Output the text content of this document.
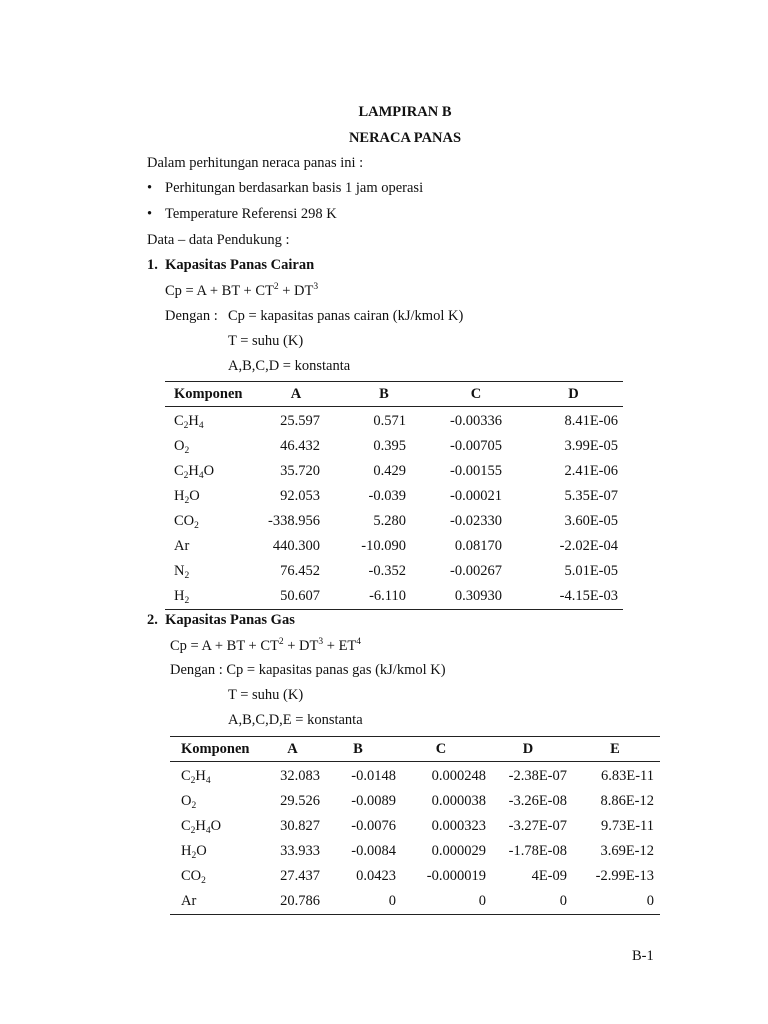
LAMPIRAN B
NERACA PANAS
Dalam perhitungan neraca panas ini :
• Perhitungan berdasarkan basis 1 jam operasi
• Temperature Referensi 298 K
Data – data Pendukung :
1. Kapasitas Panas Cairan
Cp = A + BT + $CT^2 + DT^3$
Dengan : Cp = kapasitas panas cairan (kJ/kmol K)
T = suhu (K)
A,B,C,D = konstanta
Komponen	A	B	C	D
$C_2H_4$	25.597	0.571	-0.00336	8.41E-06
$O_2$	46.432	0.395	-0.00705	3.99E-05
$C_2H_4O$	35.720	0.429	-0.00155	2.41E-06
$H_2O$	92.053	-0.039	-0.00021	5.35E-07
$CO_2$	-338.956	5.280	-0.02330	3.60E-05
Ar	440.300	-10.090	0.08170	-2.02E-04
$N_2$	76.452	-0.352	-0.00267	5.01E-05
$H_2$	50.607	-6.110	0.30930	-4.15E-03
2. Kapasitas Panas Gas
Cp = A + BT + $CT^2 + DT^3 + ET^4$
Dengan : Cp = kapasitas panas gas (kJ/kmol K)
T = suhu (K)
A,B,C,D,E = konstanta
Komponen	A	B	C	D	E
$C_2H_4$	32.083	-0.0148	0.000248	-2.38E-07	6.83E-11
$O_2$	29.526	-0.0089	0.000038	-3.26E-08	8.86E-12
$C_2H_4O$	30.827	-0.0076	0.000323	-3.27E-07	9.73E-11
$H_2O$	33.933	-0.0084	0.000029	-1.78E-08	3.69E-12
$CO_2$	27.437	0.0423	-0.000019	4E-09	-2.99E-13
Ar	20.786	0	0	0	0
B-1
